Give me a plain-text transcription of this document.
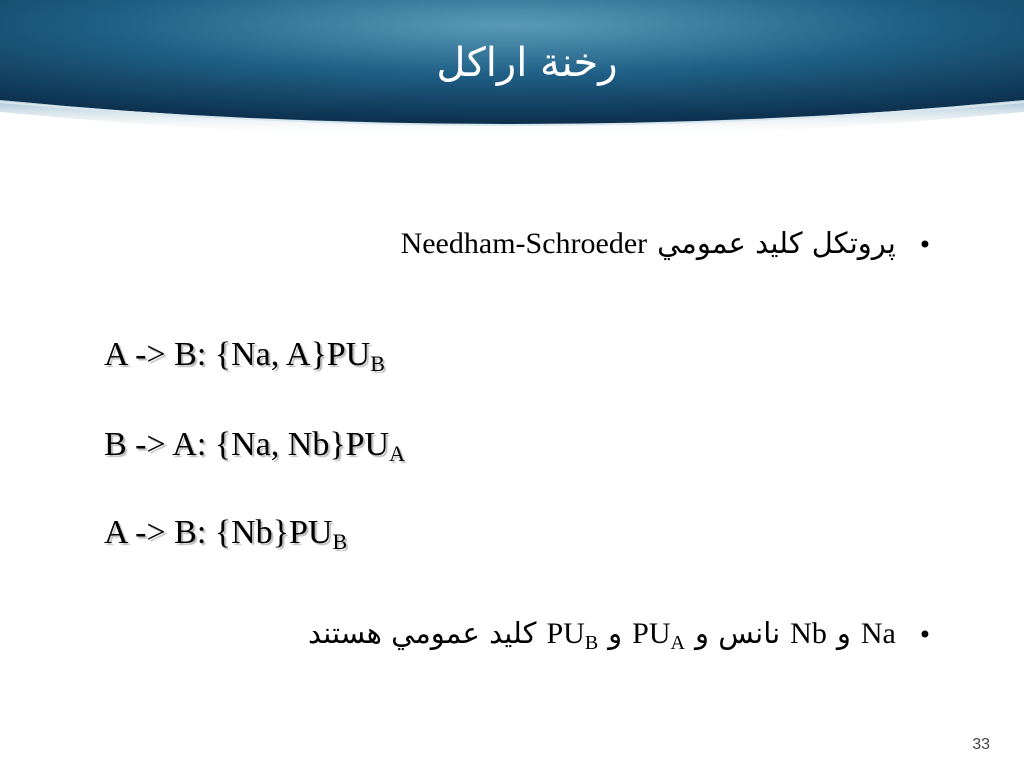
رخنة اراكل
•
پروتكل كليد عمومي
Needham-Schroeder
A -> B: {Na, $A\}PU_B$
B -> A: {Na, $Nb\}PU_A$
A -> B: $\{Nb\}PU_B$
•
Na
و
Nb
نانس و
$PU_A$
و
$PU_B$
كليد عمومي هستند
33
